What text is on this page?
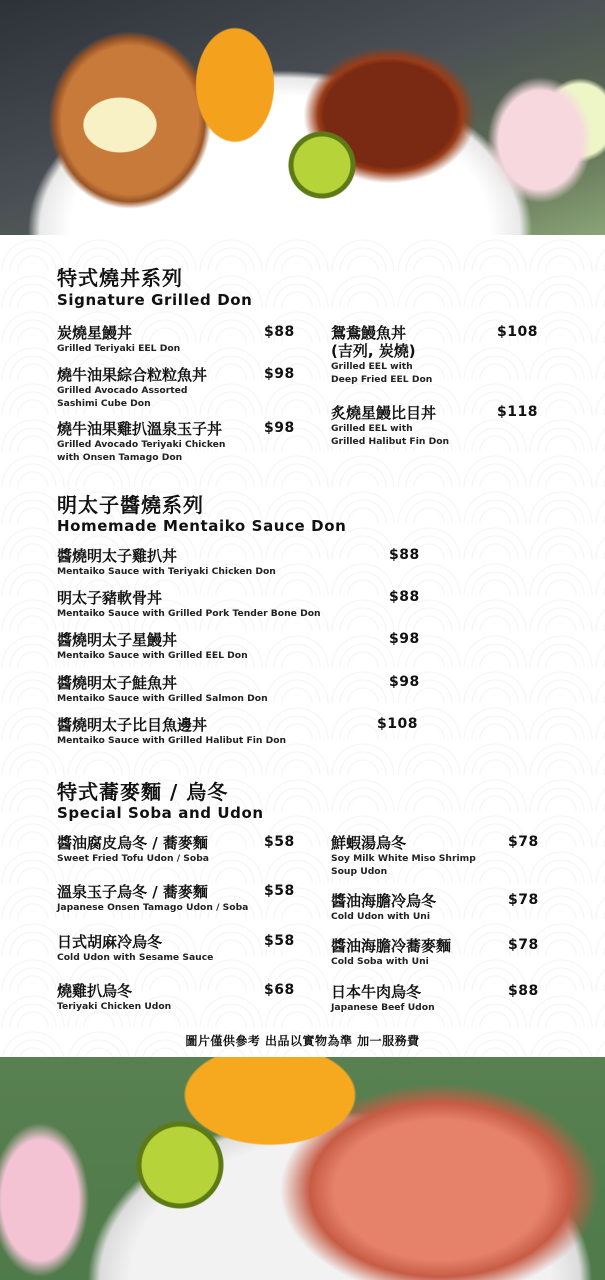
特式燒丼系列
Signature Grilled Don
炭燒星鰻丼
Grilled Teriyaki EEL Don
$88
燒牛油果綜合粒粒魚丼
Grilled Avocado Assorted
Sashimi Cube Don
$98
燒牛油果雞扒溫泉玉子丼
Grilled Avocado Teriyaki Chicken
with Onsen Tamago Don
$98
鴛鴦鰻魚丼
(吉列, 炭燒)
Grilled EEL with
Deep Fried EEL Don
$108
炙燒星鰻比目丼
Grilled EEL with
Grilled Halibut Fin Don
$118
明太子醬燒系列
Homemade Mentaiko Sauce Don
醬燒明太子雞扒丼
Mentaiko Sauce with Teriyaki Chicken Don
$88
明太子豬軟骨丼
Mentaiko Sauce with Grilled Pork Tender Bone Don
$88
醬燒明太子星鰻丼
Mentaiko Sauce with Grilled EEL Don
$98
醬燒明太子鮭魚丼
Mentaiko Sauce with Grilled Salmon Don
$98
醬燒明太子比目魚邊丼
Mentaiko Sauce with Grilled Halibut Fin Don
$108
特式蕎麥麵 / 烏冬
Special Soba and Udon
醬油腐皮烏冬 / 蕎麥麵
Sweet Fried Tofu Udon / Soba
$58
溫泉玉子烏冬 / 蕎麥麵
Japanese Onsen Tamago Udon / Soba
$58
日式胡麻冷烏冬
Cold Udon with Sesame Sauce
$58
燒雞扒烏冬
Teriyaki Chicken Udon
$68
鮮蝦湯烏冬
Soy Milk White Miso Shrimp
Soup Udon
$78
醬油海膽冷烏冬
Cold Udon with Uni
$78
醬油海膽冷蕎麥麵
Cold Soba with Uni
$78
日本牛肉烏冬
Japanese Beef Udon
$88
圖片僅供參考 出品以實物為準 加一服務費
